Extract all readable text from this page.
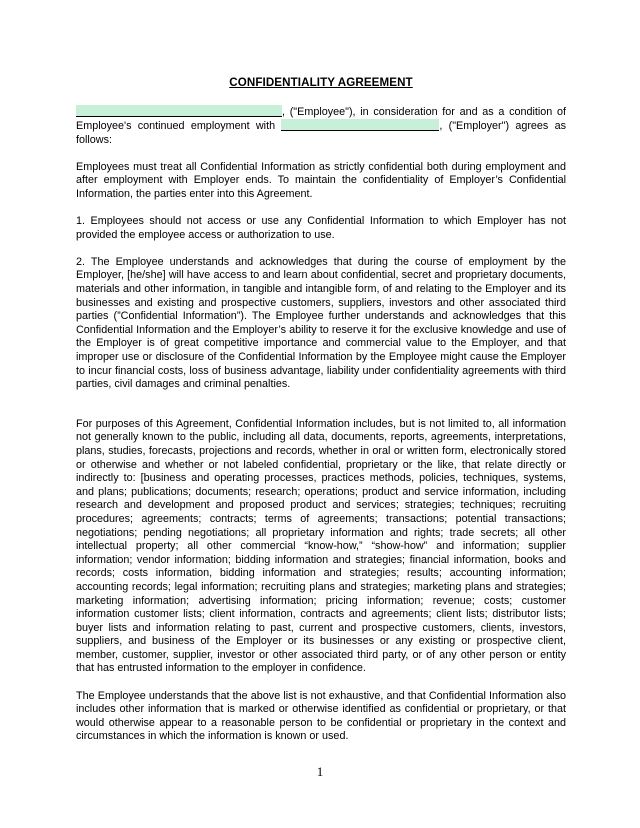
CONFIDENTIALITY AGREEMENT

, ("Employee"), in consideration for and as a condition of Employee's continued employment with	, ("Employer") agrees as follows:

Employees must treat all Confidential Information as strictly confidential both during employment and after employment with Employer ends. To maintain the confidentiality of Employer’s Confidential Information, the parties enter into this Agreement.

1. Employees should not access or use any Confidential Information to which Employer has not provided the employee access or authorization to use.

2. The Employee understands and acknowledges that during the course of employment by the Employer, [he/she] will have access to and learn about confidential, secret and proprietary documents, materials and other information, in tangible and intangible form, of and relating to the Employer and its businesses and existing and prospective customers, suppliers, investors and other associated third parties (”Confidential Information”). The Employee further understands and acknowledges that this Confidential Information and the Employer’s ability to reserve it for the exclusive knowledge and use of the Employer is of great competitive importance and commercial value to the Employer, and that improper use or disclosure of the Confidential Information by the Employee might cause the Employer to incur financial costs, loss of business advantage, liability under confidentiality agreements with third parties, civil damages and criminal penalties.

For purposes of this Agreement, Confidential Information includes, but is not limited to, all information not generally known to the public, including all data, documents, reports, agreements, interpretations, plans, studies, forecasts, projections and records, whether in oral or written form, electronically stored or otherwise and whether or not labeled confidential, proprietary or the like, that relate directly or indirectly to: [business and operating processes, practices methods, policies, techniques, systems, and plans; publications; documents; research; operations; product and service information, including research and development and proposed product and services; strategies; techniques; recruiting procedures; agreements; contracts; terms of agreements; transactions; potential transactions; negotiations; pending negotiations; all proprietary information and rights; trade secrets; all other intellectual property; all other commercial “know-how,” “show-how” and information; supplier information; vendor information; bidding information and strategies; financial information, books and records; costs information, bidding information and strategies; results; accounting information; accounting records; legal information; recruiting plans and strategies; marketing plans and strategies; marketing information; advertising information; pricing information; revenue; costs; customer information customer lists; client information, contracts and agreements; client lists; distributor lists; buyer lists and information relating to past, current and prospective customers, clients, investors, suppliers, and business of the Employer or its businesses or any existing or prospective client, member, customer, supplier, investor or other associated third party, or of any other person or entity that has entrusted information to the employer in confidence.

The Employee understands that the above list is not exhaustive, and that Confidential Information also includes other information that is marked or otherwise identified as confidential or proprietary, or that would otherwise appear to a reasonable person to be confidential or proprietary in the context and circumstances in which the information is known or used.

1
